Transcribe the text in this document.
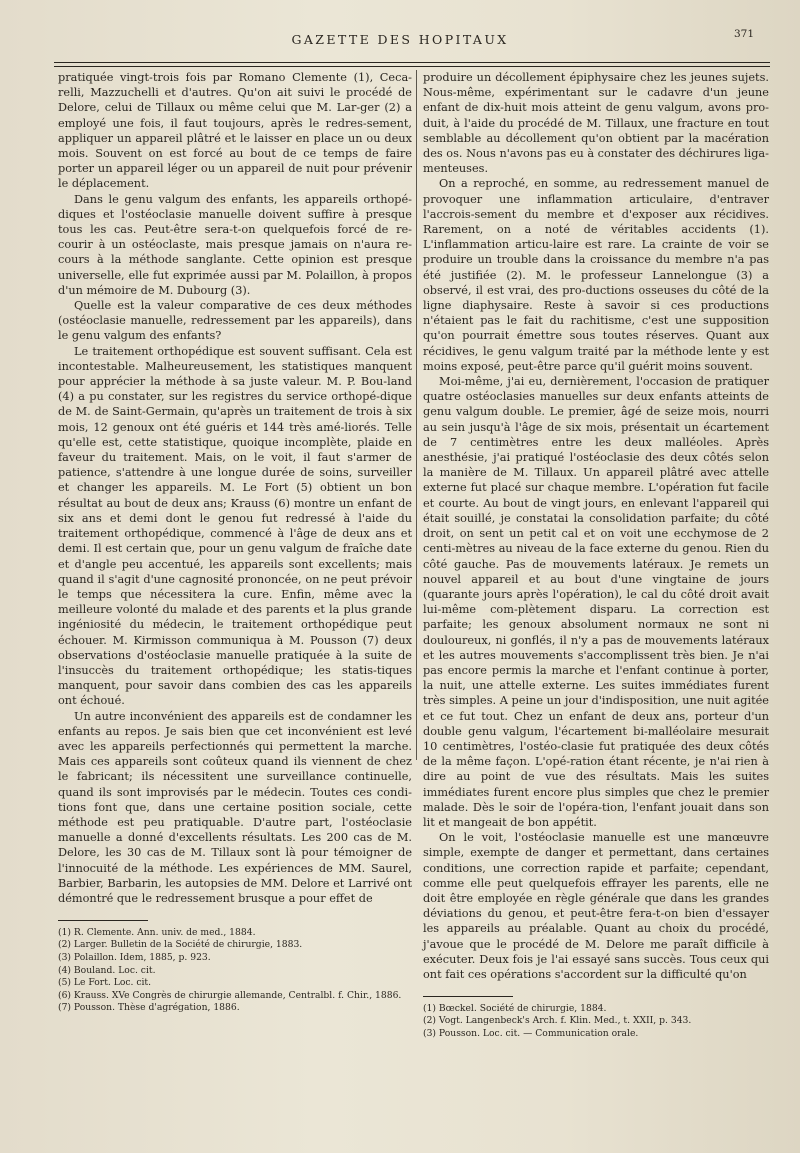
GAZETTE DES HOPITAUX	371

pratiquée vingt-trois fois par Romano Clemente (1), Ceca-relli, Mazzuchelli et d'autres. Qu'on ait suivi le procédé de Delore, celui de Tillaux ou même celui que M. Lar-ger (2) a employé une fois, il faut toujours, après le redres-sement, appliquer un appareil plâtré et le laisser en place un ou deux mois. Souvent on est forcé au bout de ce temps de faire porter un appareil léger ou un appareil de nuit pour prévenir le déplacement.

Dans le genu valgum des enfants, les appareils orthopé-diques et l'ostéoclasie manuelle doivent suffire à presque tous les cas. Peut-être sera-t-on quelquefois forcé de re-courir à un ostéoclaste, mais presque jamais on n'aura re-cours à la méthode sanglante. Cette opinion est presque universelle, elle fut exprimée aussi par M. Polaillon, à propos d'un mémoire de M. Dubourg (3).

Quelle est la valeur comparative de ces deux méthodes (ostéoclasie manuelle, redressement par les appareils), dans le genu valgum des enfants?

Le traitement orthopédique est souvent suffisant. Cela est incontestable. Malheureusement, les statistiques manquent pour apprécier la méthode à sa juste valeur. M. P. Bou-land (4) a pu constater, sur les registres du service orthopé-dique de M. de Saint-Germain, qu'après un traitement de trois à six mois, 12 genoux ont été guéris et 144 très amé-liorés. Telle qu'elle est, cette statistique, quoique incomplète, plaide en faveur du traitement. Mais, on le voit, il faut s'armer de patience, s'attendre à une longue durée de soins, surveiller et changer les appareils. M. Le Fort (5) obtient un bon résultat au bout de deux ans; Krauss (6) montre un enfant de six ans et demi dont le genou fut redressé à l'aide du traitement orthopédique, commencé à l'âge de deux ans et demi. Il est certain que, pour un genu valgum de fraîche date et d'angle peu accentué, les appareils sont excellents; mais quand il s'agit d'une cagnosité prononcée, on ne peut prévoir le temps que nécessitera la cure. Enfin, même avec la meilleure volonté du malade et des parents et la plus grande ingéniosité du médecin, le traitement orthopédique peut échouer. M. Kirmisson communiqua à M. Pousson (7) deux observations d'ostéoclasie manuelle pratiquée à la suite de l'insuccès du traitement orthopédique; les statis-tiques manquent, pour savoir dans combien des cas les appareils ont échoué.

Un autre inconvénient des appareils est de condamner les enfants au repos. Je sais bien que cet inconvénient est levé avec les appareils perfectionnés qui permettent la marche. Mais ces appareils sont coûteux quand ils viennent de chez le fabricant; ils nécessitent une surveillance continuelle, quand ils sont improvisés par le médecin. Toutes ces condi-tions font que, dans une certaine position sociale, cette méthode est peu pratiquable. D'autre part, l'ostéoclasie manuelle a donné d'excellents résultats. Les 200 cas de M. Delore, les 30 cas de M. Tillaux sont là pour témoigner de l'innocuité de la méthode. Les expériences de MM. Saurel, Barbier, Barbarin, les autopsies de MM. Delore et Larrivé ont démontré que le redressement brusque a pour effet de

(1) R. Clemente. Ann. univ. de med., 1884.
(2) Larger. Bulletin de la Société de chirurgie, 1883.
(3) Polaillon. Idem, 1885, p. 923.
(4) Bouland. Loc. cit.
(5) Le Fort. Loc. cit.
(6) Krauss. XVe Congrès de chirurgie allemande, Centralbl. f. Chir., 1886.
(7) Pousson. Thèse d'agrégation, 1886.

produire un décollement épiphysaire chez les jeunes sujets. Nous-même, expérimentant sur le cadavre d'un jeune enfant de dix-huit mois atteint de genu valgum, avons pro-duit, à l'aide du procédé de M. Tillaux, une fracture en tout semblable au décollement qu'on obtient par la macération des os. Nous n'avons pas eu à constater des déchirures liga-menteuses.

On a reproché, en somme, au redressement manuel de provoquer une inflammation articulaire, d'entraver l'accrois-sement du membre et d'exposer aux récidives. Rarement, on a noté de véritables accidents (1). L'inflammation articu-laire est rare. La crainte de voir se produire un trouble dans la croissance du membre n'a pas été justifiée (2). M. le professeur Lannelongue (3) a observé, il est vrai, des pro-ductions osseuses du côté de la ligne diaphysaire. Reste à savoir si ces productions n'étaient pas le fait du rachitisme, c'est une supposition qu'on pourrait émettre sous toutes réserves. Quant aux récidives, le genu valgum traité par la méthode lente y est moins exposé, peut-être parce qu'il guérit moins souvent.

Moi-même, j'ai eu, dernièrement, l'occasion de pratiquer quatre ostéoclasies manuelles sur deux enfants atteints de genu valgum double. Le premier, âgé de seize mois, nourri au sein jusqu'à l'âge de six mois, présentait un écartement de 7 centimètres entre les deux malléoles. Après anesthésie, j'ai pratiqué l'ostéoclasie des deux côtés selon la manière de M. Tillaux. Un appareil plâtré avec attelle externe fut placé sur chaque membre. L'opération fut facile et courte. Au bout de vingt jours, en enlevant l'appareil qui était souillé, je constatai la consolidation parfaite; du côté droit, on sent un petit cal et on voit une ecchymose de 2 centi-mètres au niveau de la face externe du genou. Rien du côté gauche. Pas de mouvements latéraux. Je remets un nouvel appareil et au bout d'une vingtaine de jours (quarante jours après l'opération), le cal du côté droit avait lui-même com-plètement disparu. La correction est parfaite; les genoux absolument normaux ne sont ni douloureux, ni gonflés, il n'y a pas de mouvements latéraux et les autres mouvements s'accomplissent très bien. Je n'ai pas encore permis la marche et l'enfant continue à porter, la nuit, une attelle externe. Les suites immédiates furent très simples. A peine un jour d'indisposition, une nuit agitée et ce fut tout. Chez un enfant de deux ans, porteur d'un double genu valgum, l'écartement bi-malléolaire mesurait 10 centimètres, l'ostéo-clasie fut pratiquée des deux côtés de la même façon. L'opé-ration étant récente, je n'ai rien à dire au point de vue des résultats. Mais les suites immédiates furent encore plus simples que chez le premier malade. Dès le soir de l'opéra-tion, l'enfant jouait dans son lit et mangeait de bon appétit.

On le voit, l'ostéoclasie manuelle est une manœuvre simple, exempte de danger et permettant, dans certaines conditions, une correction rapide et parfaite; cependant, comme elle peut quelquefois effrayer les parents, elle ne doit être employée en règle générale que dans les grandes déviations du genou, et peut-être fera-t-on bien d'essayer les appareils au préalable. Quant au choix du procédé, j'avoue que le procédé de M. Delore me paraît difficile à exécuter. Deux fois je l'ai essayé sans succès. Tous ceux qui ont fait ces opérations s'accordent sur la difficulté qu'on

(1) Bœckel. Société de chirurgie, 1884.
(2) Vogt. Langenbeck's Arch. f. Klin. Med., t. XXII, p. 343.
(3) Pousson. Loc. cit. — Communication orale.
